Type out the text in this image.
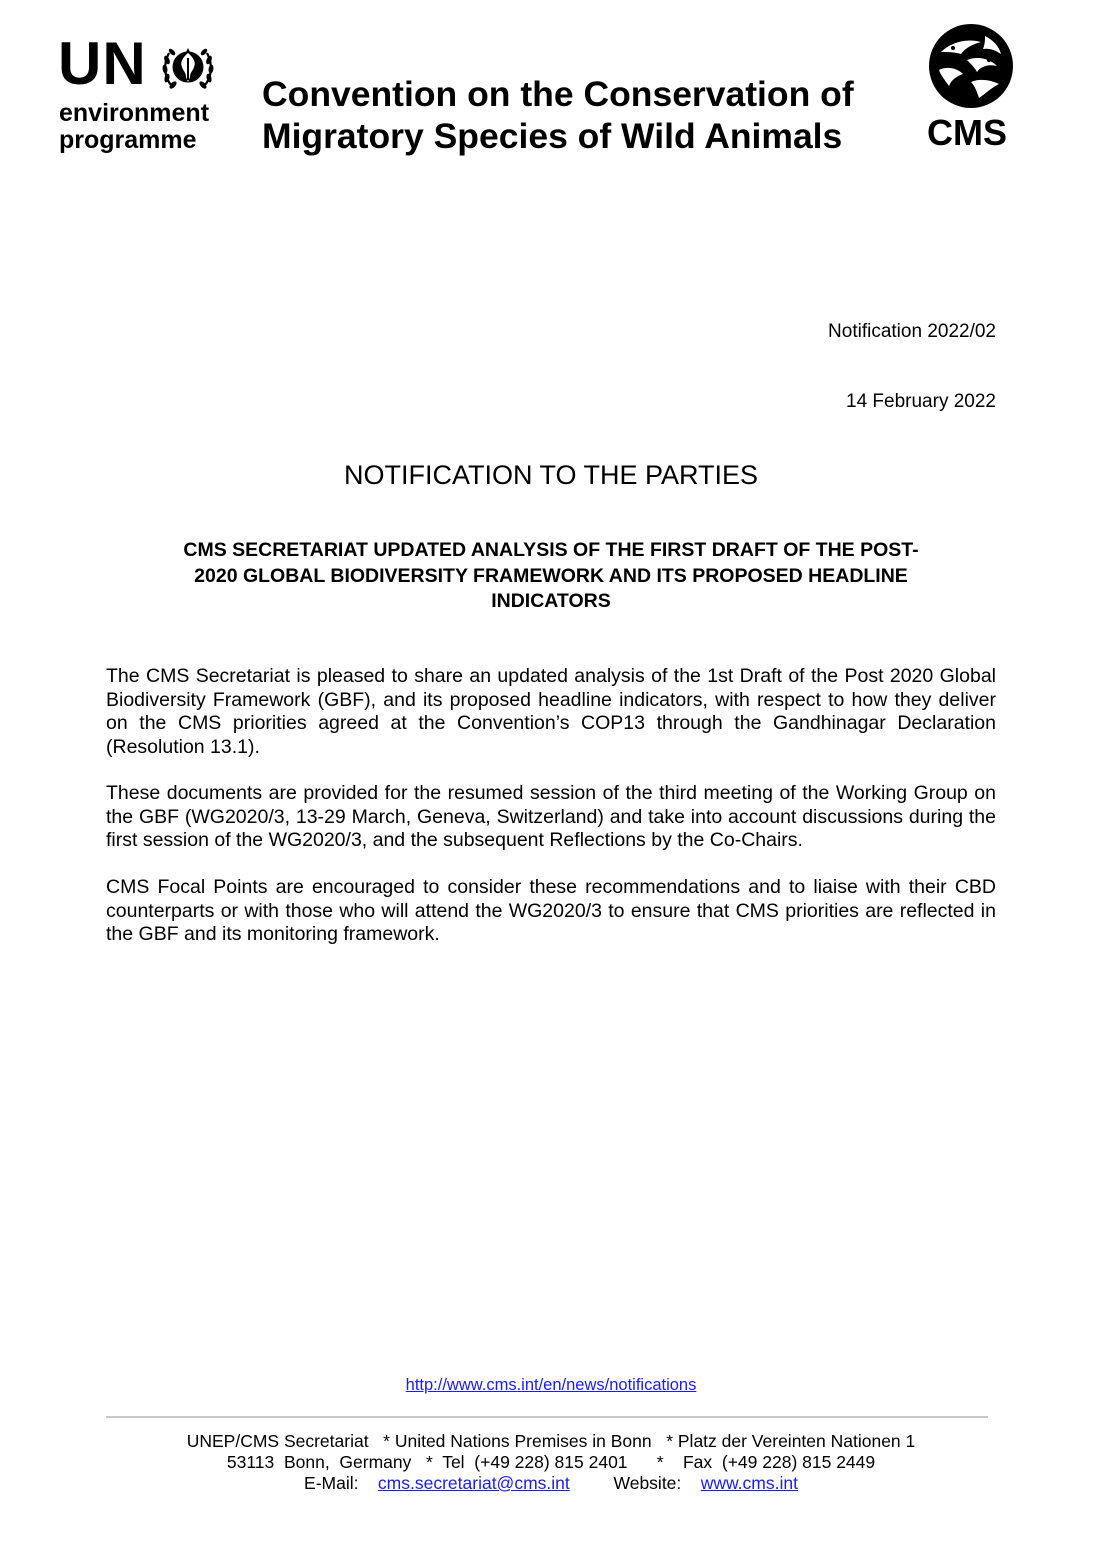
UN
environment
programme
Convention on the Conservation of
Migratory Species of Wild Animals	CMS
Notification 2022/02
14 February 2022
NOTIFICATION TO THE PARTIES
CMS SECRETARIAT UPDATED ANALYSIS OF THE FIRST DRAFT OF THE POST-
2020 GLOBAL BIODIVERSITY FRAMEWORK AND ITS PROPOSED HEADLINE
INDICATORS
The CMS Secretariat is pleased to share an updated analysis of the 1st Draft of the Post 2020 Global Biodiversity Framework (GBF), and its proposed headline indicators, with respect to how they deliver on the CMS priorities agreed at the Convention’s COP13 through the Gandhinagar Declaration (Resolution 13.1).
These documents are provided for the resumed session of the third meeting of the Working Group on the GBF (WG2020/3, 13-29 March, Geneva, Switzerland) and take into account discussions during the first session of the WG2020/3, and the subsequent Reflections by the Co-Chairs.
CMS Focal Points are encouraged to consider these recommendations and to liaise with their CBD counterparts or with those who will attend the WG2020/3 to ensure that CMS priorities are reflected in the GBF and its monitoring framework.
http://www.cms.int/en/news/notifications
UNEP/CMS Secretariat   * United Nations Premises in Bonn   * Platz der Vereinten Nationen 1
53113  Bonn,  Germany   *  Tel  (+49 228) 815 2401      *    Fax  (+49 228) 815 2449
E-Mail: cms.secretariat@cms.int	Website: www.cms.int
